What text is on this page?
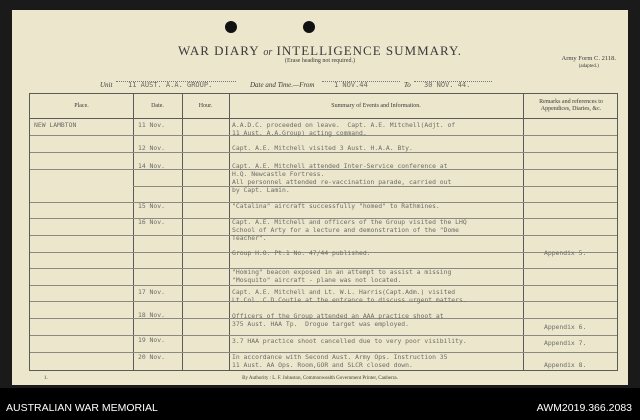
WAR DIARY or INTELLIGENCE SUMMARY.
(Erase heading not required.)	Army Form C. 2118.
(adapted.)
Unit 11 AUST. A.A. GROUP.	Date and Time.—From	1 NOV.44	To 30 NOV. 44.
Place.	Date.	Hour.	Summary of Events and Information.
Remarks and references to Appendices, Diaries, &c.
NEW LAMBTON	11 Nov.	A.A.D.C. proceeded on leave.  Capt. A.E. Mitchell(Adjt. of
11 Aust. A.A.Group) acting command.
12 Nov.	Capt. A.E. Mitchell visited 3 Aust. H.A.A. Bty.
14 Nov.	Capt. A.E. Mitchell attended Inter-Service conference at
H.Q. Newcastle Fortress.
All personnel attended re-vaccination parade, carried out
by Capt. Lamin.
15 Nov.	"Catalina" aircraft successfully "homed" to Rathmines.
16 Nov.	Capt. A.E. Mitchell and officers of the Group visited the LHQ
School of Arty for a lecture and demonstration of the "Dome
Teacher".
Group H.O. Pt.1 No. 47/44 published.	Appendix 5.
"Homing" beacon exposed in an attempt to assist a missing
"Mosquito" aircraft - plane was not located.
17 Nov.	Capt. A.E. Mitchell and Lt. W.L. Harris(Capt.Adm.) visited
Lt.Col. C.D.Coutie at the entrance to discuss urgent matters.
18 Nov.	Officers of the Group attended an AAA practice shoot at
375 Aust. HAA Tp.  Drogue target was employed.	Appendix 6.
19 Nov.	3.7 HAA practice shoot cancelled due to very poor visibility.	Appendix 7.
20 Nov.	In accordance with Second Aust. Army Ops. Instruction 35
11 Aust. AA Ops. Room,GOR and SLCR closed down.	Appendix 8.
1.	By Authority : L. F. Johnston, Commonwealth Government Printer, Canberra.
AUSTRALIAN WAR MEMORIAL	AWM2019.366.2083
